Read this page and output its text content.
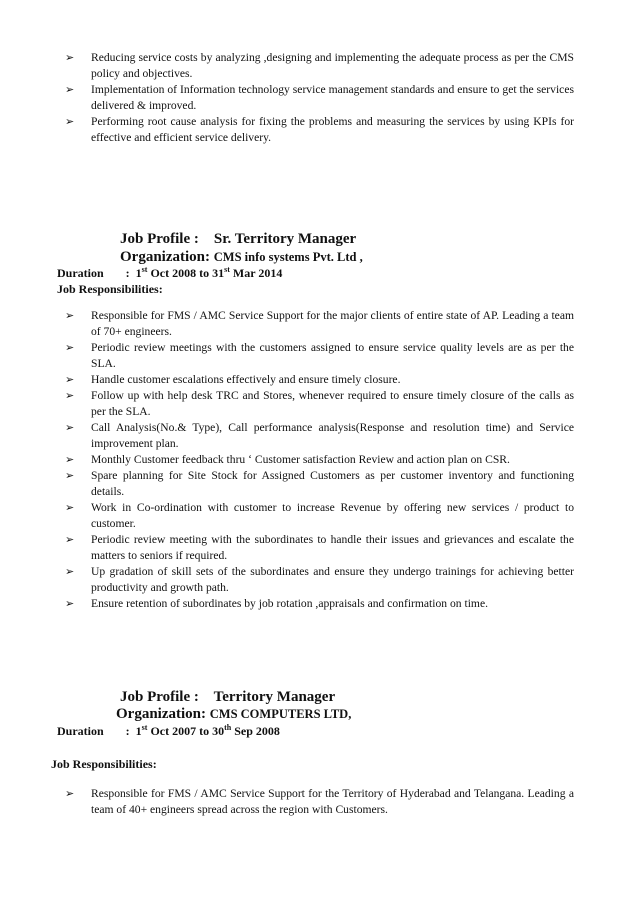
➢ Reducing service costs by analyzing ,designing and implementing the adequate process as per the CMS policy and objectives.
➢ Implementation of Information technology service management standards and ensure to get the services delivered & improved.
➢ Performing root cause analysis for fixing the problems and measuring the services by using KPIs for effective and efficient service delivery.
Job Profile : Sr. Territory Manager
Organization: CMS info systems Pvt. Ltd ,
Duration : 1st Oct 2008 to 31st Mar 2014
Job Responsibilities:
➢ Responsible for FMS / AMC Service Support for the major clients of entire state of AP. Leading a team of 70+ engineers.
➢ Periodic review meetings with the customers assigned to ensure service quality levels are as per the SLA.
➢ Handle customer escalations effectively and ensure timely closure.
➢ Follow up with help desk TRC and Stores, whenever required to ensure timely closure of the calls as per the SLA.
➢ Call Analysis(No.& Type), Call performance analysis(Response and resolution time) and Service improvement plan.
➢ Monthly Customer feedback thru ‘ Customer satisfaction Review and action plan on CSR.
➢ Spare planning for Site Stock for Assigned Customers as per customer inventory and functioning details.
➢ Work in Co-ordination with customer to increase Revenue by offering new services / product to customer.
➢ Periodic review meeting with the subordinates to handle their issues and grievances and escalate the matters to seniors if required.
➢ Up gradation of skill sets of the subordinates and ensure they undergo trainings for achieving better productivity and growth path.
➢ Ensure retention of subordinates by job rotation ,appraisals and confirmation on time.
Job Profile : Territory Manager
Organization: CMS COMPUTERS LTD,
Duration : 1st Oct 2007 to 30th Sep 2008
Job Responsibilities:
➢ Responsible for FMS / AMC Service Support for the Territory of Hyderabad and Telangana. Leading a team of 40+ engineers spread across the region with Customers.
